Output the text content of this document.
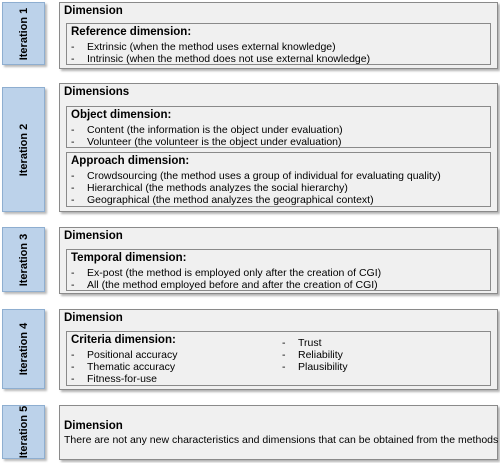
Iteration 1	Dimension
Reference dimension:
- Extrinsic (when the method uses external knowledge)
- Intrinsic (when the method does not use external knowledge)
Iteration 2
Dimensions
Object dimension:
- Content (the information is the object under evaluation)
- Volunteer (the volunteer is the object under evaluation)
Approach dimension:
- Crowdsourcing (the method uses a group of individual for evaluating quality)
- Hierarchical (the methods analyzes the social hierarchy)
- Geographical (the method analyzes the geographical context)
Iteration 3	Dimension
Temporal dimension:
- Ex-post (the method is employed only after the creation of CGI)
- All (the method employed before and after the creation of CGI)
Iteration 4
Dimension
Criteria dimension:
- Positional accuracy
- Thematic accuracy
- Fitness-for-use
- Trust
- Reliability
- Plausibility
Iteration 5	Dimension
There are not any new characteristics and dimensions that can be obtained from the methods
